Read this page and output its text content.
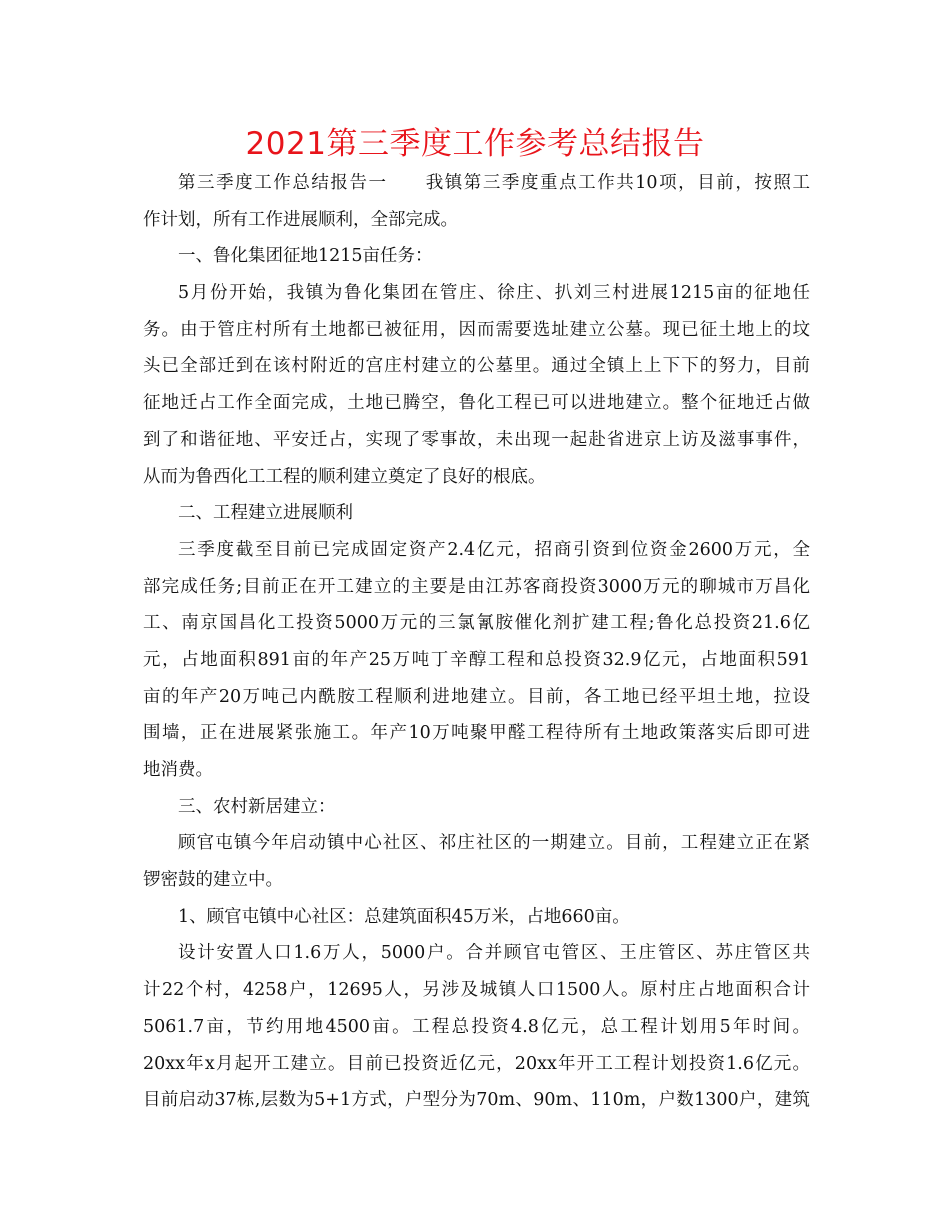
2021第三季度工作参考总结报告
第三季度工作总结报告一　　我镇第三季度重点工作共10项，目前，按照工
作计划，所有工作进展顺利，全部完成。
一、鲁化集团征地1215亩任务：
5月份开始，我镇为鲁化集团在管庄、徐庄、扒刘三村进展1215亩的征地任
务。由于管庄村所有土地都已被征用，因而需要选址建立公墓。现已征土地上的坟
头已全部迁到在该村附近的宫庄村建立的公墓里。通过全镇上上下下的努力，目前
征地迁占工作全面完成，土地已腾空，鲁化工程已可以进地建立。整个征地迁占做
到了和谐征地、平安迁占，实现了零事故，未出现一起赴省进京上访及滋事事件，
从而为鲁西化工工程的顺利建立奠定了良好的根底。
二、工程建立进展顺利
三季度截至目前已完成固定资产2.4亿元，招商引资到位资金2600万元，全
部完成任务;目前正在开工建立的主要是由江苏客商投资3000万元的聊城市万昌化
工、南京国昌化工投资5000万元的三氯氰胺催化剂扩建工程;鲁化总投资21.6亿
元，占地面积891亩的年产25万吨丁辛醇工程和总投资32.9亿元，占地面积591
亩的年产20万吨己内酰胺工程顺利进地建立。目前，各工地已经平坦土地，拉设
围墙，正在进展紧张施工。年产10万吨聚甲醛工程待所有土地政策落实后即可进
地消费。
三、农村新居建立：
顾官屯镇今年启动镇中心社区、祁庄社区的一期建立。目前，工程建立正在紧
锣密鼓的建立中。
1、顾官屯镇中心社区：总建筑面积45万米，占地660亩。
设计安置人口1.6万人，5000户。合并顾官屯管区、王庄管区、苏庄管区共
计22个村，4258户，12695人，另涉及城镇人口1500人。原村庄占地面积合计
5061.7亩，节约用地4500亩。工程总投资4.8亿元，总工程计划用5年时间。
20xx年x月起开工建立。目前已投资近亿元，20xx年开工工程计划投资1.6亿元。
目前启动37栋,层数为5+1方式，户型分为70m、90m、110m，户数1300户，建筑
